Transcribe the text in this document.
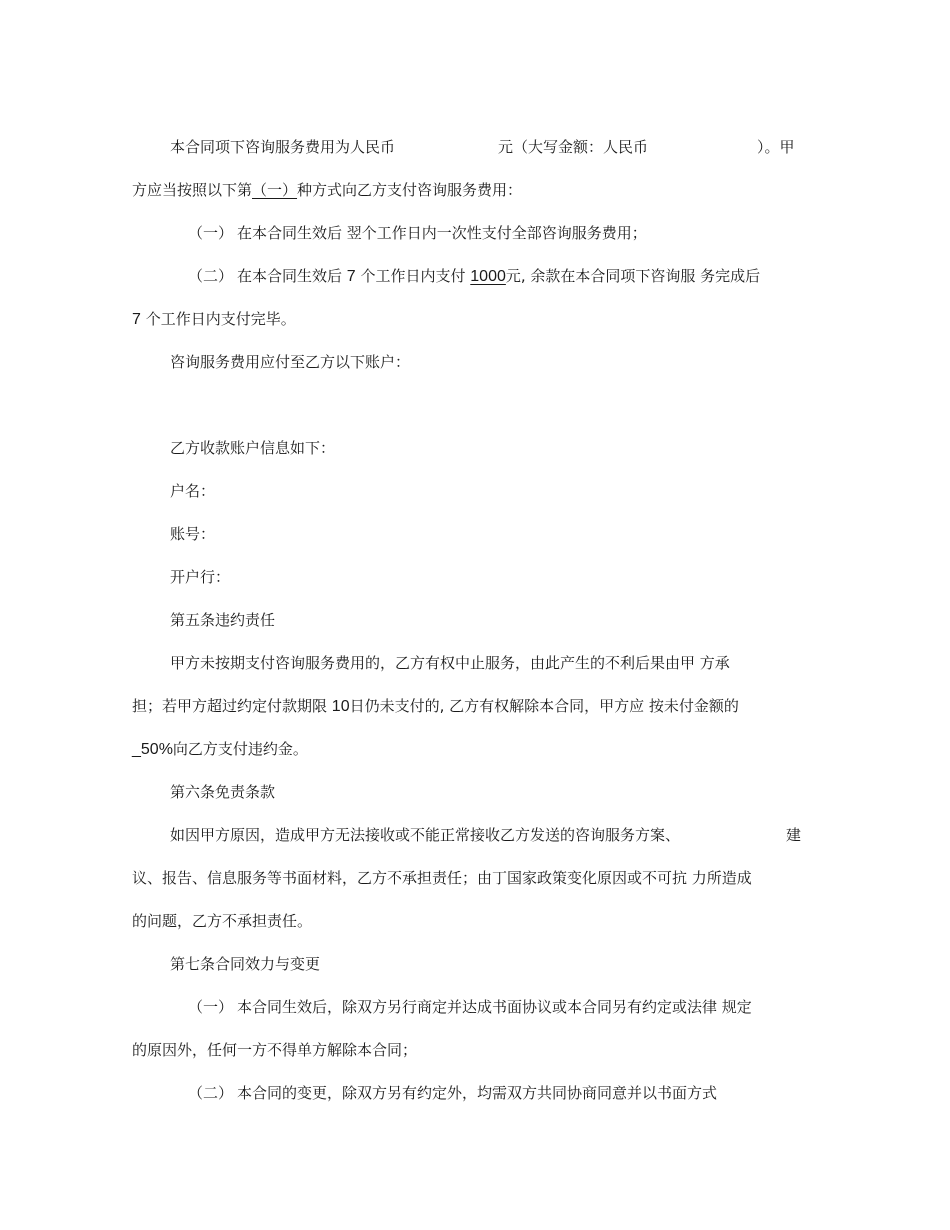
本合同项下咨询服务费用为人民币	元（大写金额：人民币	）。甲
方应当按照以下第（一）种方式向乙方支付咨询服务费用：
（一） 在本合同生效后 翌个工作日内一次性支付全部咨询服务费用；
（二） 在本合同生效后 7 个工作日内支付 1000元, 余款在本合同项下咨询服 务完成后
7 个工作日内支付完毕。
咨询服务费用应付至乙方以下账户：
乙方收款账户信息如下：
户名：
账号：
开户行：
第五条违约责任
甲方未按期支付咨询服务费用的，乙方有权中止服务，由此产生的不利后果由甲 方承
担；若甲方超过约定付款期限 10日仍未支付的, 乙方有权解除本合同，甲方应 按未付金额的
_50%向乙方支付违约金。
第六条免责条款
如因甲方原因，造成甲方无法接收或不能正常接收乙方发送的咨询服务方案、	建
议、报告、信息服务等书面材料，乙方不承担责任；由丁国家政策变化原因或不可抗 力所造成
的问题，乙方不承担责任。
第七条合同效力与变更
（一） 本合同生效后，除双方另行商定并达成书面协议或本合同另有约定或法律 规定
的原因外，任何一方不得单方解除本合同；
（二） 本合同的变更，除双方另有约定外，均需双方共同协商同意并以书面方式
